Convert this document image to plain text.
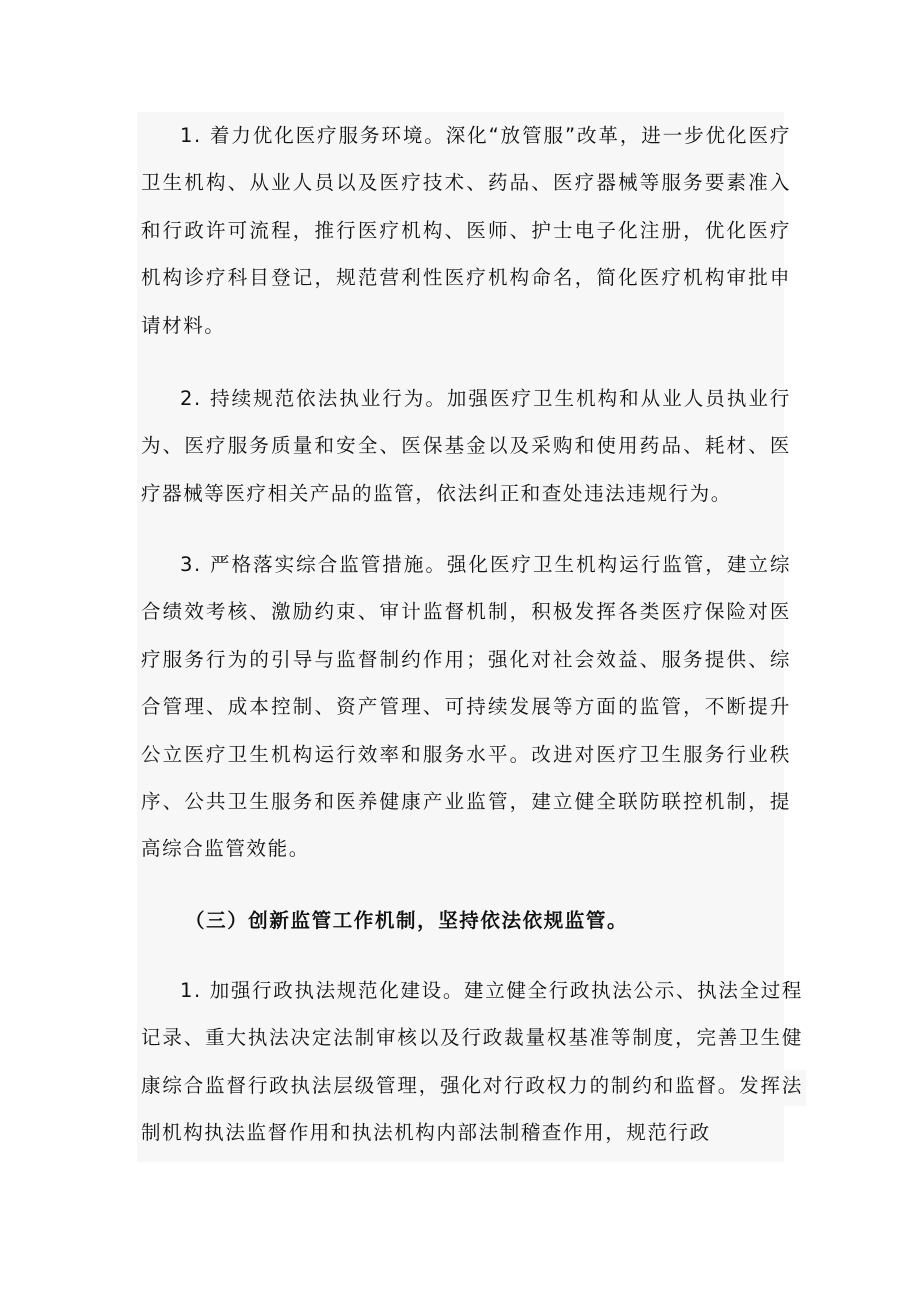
1. 着力优化医疗服务环境。深化“放管服”改革，进一步优化医疗卫生机构、从业人员以及医疗技术、药品、医疗器械等服务要素准入和行政许可流程，推行医疗机构、医师、护士电子化注册，优化医疗机构诊疗科目登记，规范营利性医疗机构命名，简化医疗机构审批申请材料。

2. 持续规范依法执业行为。加强医疗卫生机构和从业人员执业行为、医疗服务质量和安全、医保基金以及采购和使用药品、耗材、医疗器械等医疗相关产品的监管，依法纠正和查处违法违规行为。

3. 严格落实综合监管措施。强化医疗卫生机构运行监管，建立综合绩效考核、激励约束、审计监督机制，积极发挥各类医疗保险对医疗服务行为的引导与监督制约作用；强化对社会效益、服务提供、综合管理、成本控制、资产管理、可持续发展等方面的监管，不断提升公立医疗卫生机构运行效率和服务水平。改进对医疗卫生服务行业秩序、公共卫生服务和医养健康产业监管，建立健全联防联控机制，提高综合监管效能。

（三）创新监管工作机制，坚持依法依规监管。

1. 加强行政执法规范化建设。建立健全行政执法公示、执法全过程记录、重大执法决定法制审核以及行政裁量权基准等制度，完善卫生健康综合监督行政执法层级管理，强化对行政权力的制约和监督。发挥法制机构执法监督作用和执法机构内部法制稽查作用，规范行政
